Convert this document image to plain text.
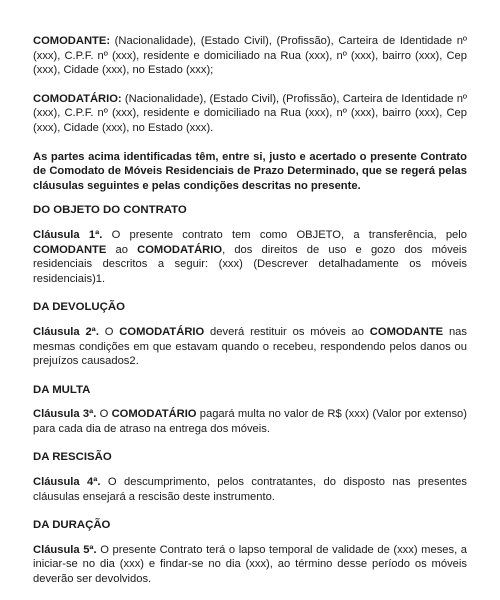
COMODANTE: (Nacionalidade), (Estado Civil), (Profissão), Carteira de Identidade nº (xxx), C.P.F. nº (xxx), residente e domiciliado na Rua (xxx), nº (xxx), bairro (xxx), Cep (xxx), Cidade (xxx), no Estado (xxx);

COMODATÁRIO: (Nacionalidade), (Estado Civil), (Profissão), Carteira de Identidade nº (xxx), C.P.F. nº (xxx), residente e domiciliado na Rua (xxx), nº (xxx), bairro (xxx), Cep (xxx), Cidade (xxx), no Estado (xxx).

As partes acima identificadas têm, entre si, justo e acertado o presente Contrato de Comodato de Móveis Residenciais de Prazo Determinado, que se regerá pelas cláusulas seguintes e pelas condições descritas no presente.

DO OBJETO DO CONTRATO

Cláusula 1ª. O presente contrato tem como OBJETO, a transferência, pelo COMODANTE ao COMODATÁRIO, dos direitos de uso e gozo dos móveis residenciais descritos a seguir: (xxx) (Descrever detalhadamente os móveis residenciais)1.

DA DEVOLUÇÃO

Cláusula 2ª. O COMODATÁRIO deverá restituir os móveis ao COMODANTE nas mesmas condições em que estavam quando o recebeu, respondendo pelos danos ou prejuízos causados2.

DA MULTA

Cláusula 3ª. O COMODATÁRIO pagará multa no valor de R$ (xxx) (Valor por extenso) para cada dia de atraso na entrega dos móveis.

DA RESCISÃO

Cláusula 4ª. O descumprimento, pelos contratantes, do disposto nas presentes cláusulas ensejará a rescisão deste instrumento.

DA DURAÇÃO

Cláusula 5ª. O presente Contrato terá o lapso temporal de validade de (xxx) meses, a iniciar-se no dia (xxx) e findar-se no dia (xxx), ao término desse período os móveis deverão ser devolvidos.
